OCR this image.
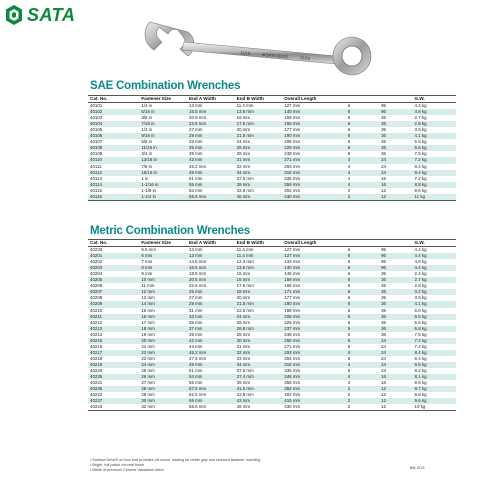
SATA
11/16	⊕SATA 40103	11/16
SAE Combination Wrenches
Cat. No.	Fastener Size	End A Width	End B Width	Overall Length			G.W.
40101	1/4 in	13 mm	11.4 mm	127 mm	6	96	4.4 kg
40102	5/16 in	16.5 mm	13.6 mm	140 mm	6	96	4.8 kg
40103	3/8 in	20.5 mm	16 mm	159 mm	6	36	2.7 kg
40104	7/16 in	22.5 mm	17.5 mm	165 mm	6	36	2.8 kg
40105	1/2 in	27 mm	20 mm	177 mm	6	36	3.6 kg
40106	9/16 in	29 mm	21.5 mm	190 mm	6	36	4.1 kg
40107	5/8 in	33 mm	24 mm	208 mm	6	36	5.5 kg
40108	11/16 in	35 mm	26 mm	225 mm	6	36	5.6 kg
40109	3/4 in	39 mm	28 mm	248 mm	6	36	7.5 kg
40110	13/16 in	43 mm	31 mm	271 mm	4	24	7.2 kg
40111	7/8 in	45.2 mm	32 mm	293 mm	4	24	8.4 kg
40112	15/16 in	49 mm	34 mm	316 mm	4	24	9.4 kg
40113	1 in	51 mm	37.5 mm	335 mm	4	16	7.2 kg
40114	1-1/16 in	55 mm	39 mm	359 mm	4	16	8.8 kg
40115	1-1/8 in	63 mm	42.8 mm	402 mm	2	12	9.6 kg
40116	1-1/4 in	65.6 mm	46 mm	430 mm	2	12	11 kg
Metric Combination Wrenches
Cat. No.	Fastener Size	End A Width	End B Width	Overall Length			G.W.
40233	5.5 mm	13 mm	11.4 mm	127 mm	6	96	4.4 kg
40201	6 mm	13 mm	11.4 mm	127 mm	6	96	4.4 kg
40202	7 mm	14.6 mm	12.3 mm	133 mm	6	96	4.9 kg
40203	8 mm	16.5 mm	13.6 mm	140 mm	6	96	4.4 kg
40204	9 mm	18.5 mm	15 mm	149 mm	6	36	2.4 kg
40205	10 mm	20.5 mm	16 mm	159 mm	6	36	2.7 kg
40206	11 mm	22.5 mm	17.5 mm	165 mm	6	36	2.8 kg
40207	12 mm	25 mm	18 mm	171 mm	6	36	3.2 kg
40208	13 mm	27 mm	20 mm	177 mm	6	36	3.6 kg
40209	14 mm	29 mm	21.5 mm	190 mm	6	36	4.1 kg
40210	15 mm	31 mm	22.5 mm	198 mm	6	36	5.0 kg
40211	16 mm	33 mm	24 mm	208 mm	6	36	5.5 kg
40212	17 mm	35 mm	26 mm	225 mm	6	36	5.6 kg
40213	18 mm	37 mm	26.8 mm	237 mm	6	36	6.8 kg
40214	19 mm	39 mm	28 mm	248 mm	6	36	7.5 kg
40215	20 mm	42 mm	30 mm	265 mm	6	24	7.2 kg
40216	21 mm	43 mm	31 mm	271 mm	6	24	7.2 kg
40217	22 mm	45.2 mm	32 mm	293 mm	4	24	8.4 kg
40218	23 mm	47.5 mm	33 mm	304 mm	6	24	9.4 kg
40219	24 mm	49 mm	34 mm	316 mm	4	24	9.5 kg
40220	25 mm	51 mm	37.5 mm	335 mm	6	24	9.2 kg
40235	26 mm	54 mm	37.4 mm	346 mm	4	16	8.1 kg
40221	27 mm	55 mm	39 mm	359 mm	4	16	9.8 kg
40236	28 mm	57.5 mm	41.5 mm	383 mm	2	12	8.7 kg
40222	29 mm	62.5 mm	42.8 mm	402 mm	2	12	9.8 kg
40237	30 mm	65 mm	43 mm	415 mm	2	12	9.6 kg
40223	32 mm	65.6 mm	46 mm	430 mm	2	12	10 kg
• Surface Drive® on box end provides off-corner loading for better grip and reduced fastener rounding
• Bright, full polish chrome finish
• Made of premium Chrome Vanadium steel	BN 3/13
